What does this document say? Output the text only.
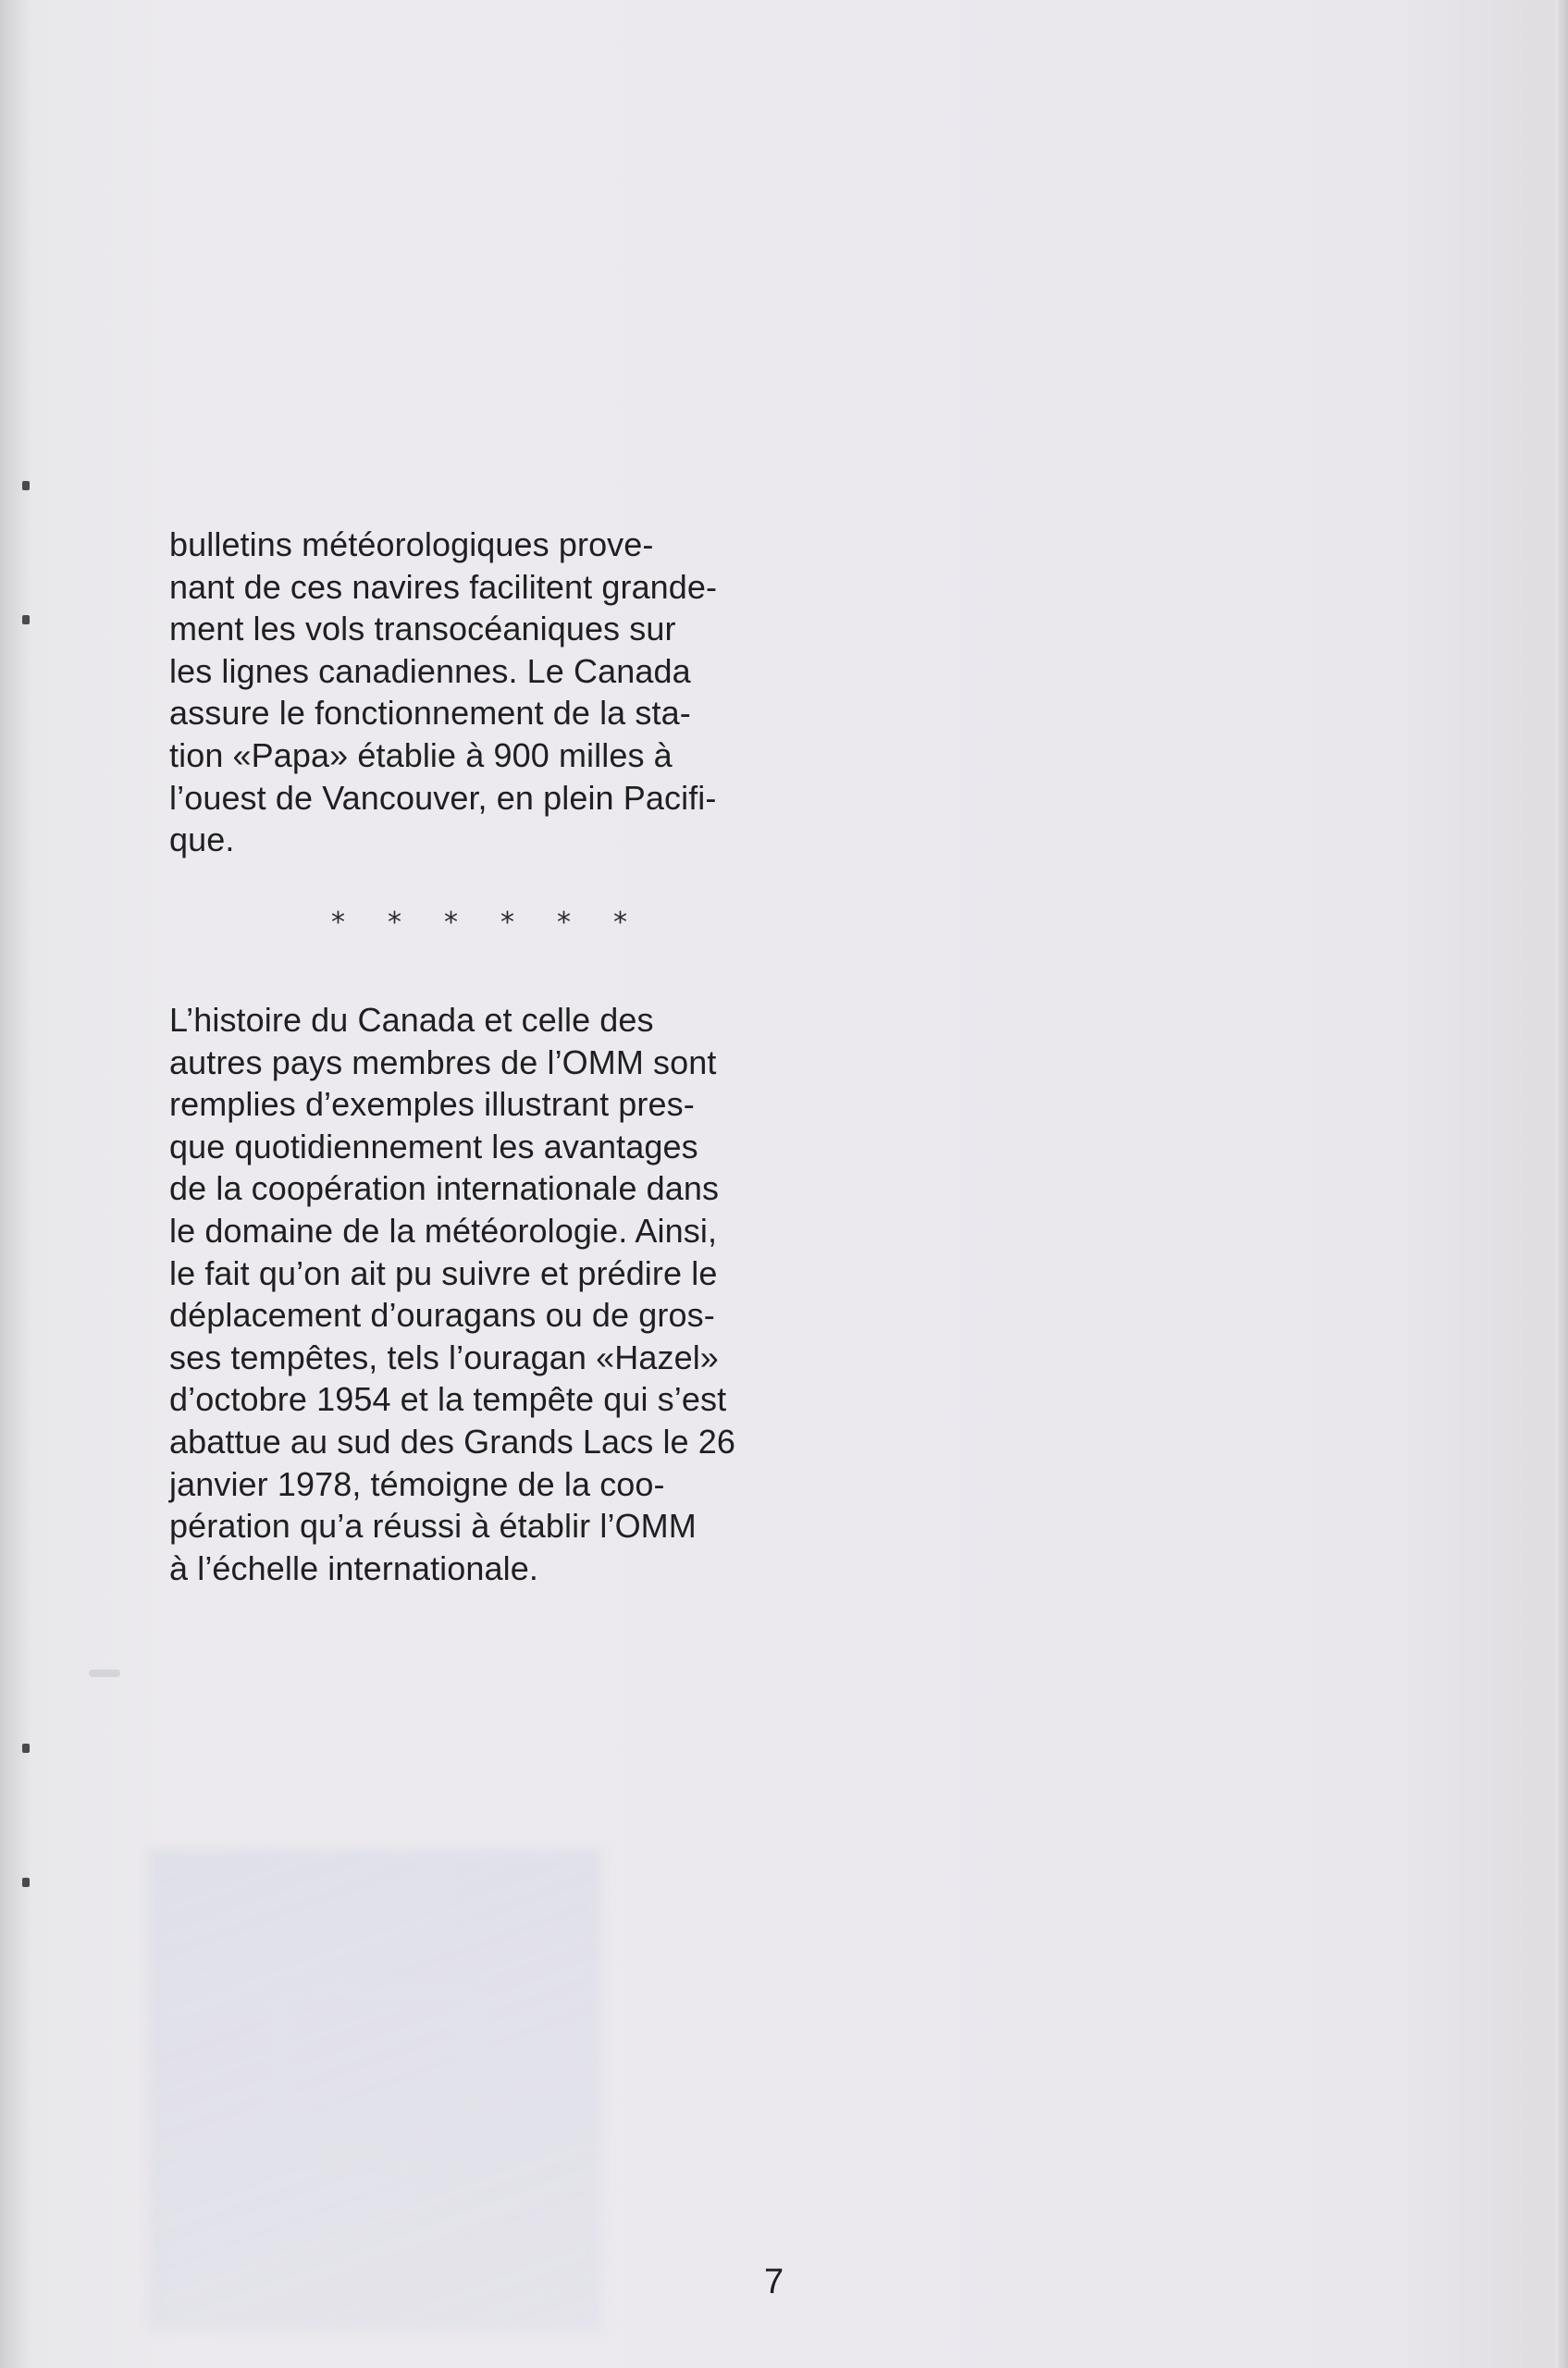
bulletins météorologiques prove-
nant de ces navires facilitent grande-
ment les vols transocéaniques sur
les lignes canadiennes. Le Canada
assure le fonctionnement de la sta-
tion «Papa» établie à 900 milles à
l’ouest de Vancouver, en plein Pacifi-
que.

* * * * * *

L’histoire du Canada et celle des
autres pays membres de l’OMM sont
remplies d’exemples illustrant pres-
que quotidiennement les avantages
de la coopération internationale dans
le domaine de la météorologie. Ainsi,
le fait qu’on ait pu suivre et prédire le
déplacement d’ouragans ou de gros-
ses tempêtes, tels l’ouragan «Hazel»
d’octobre 1954 et la tempête qui s’est
abattue au sud des Grands Lacs le 26
janvier 1978, témoigne de la coo-
pération qu’a réussi à établir l’OMM
à l’échelle internationale.

7
